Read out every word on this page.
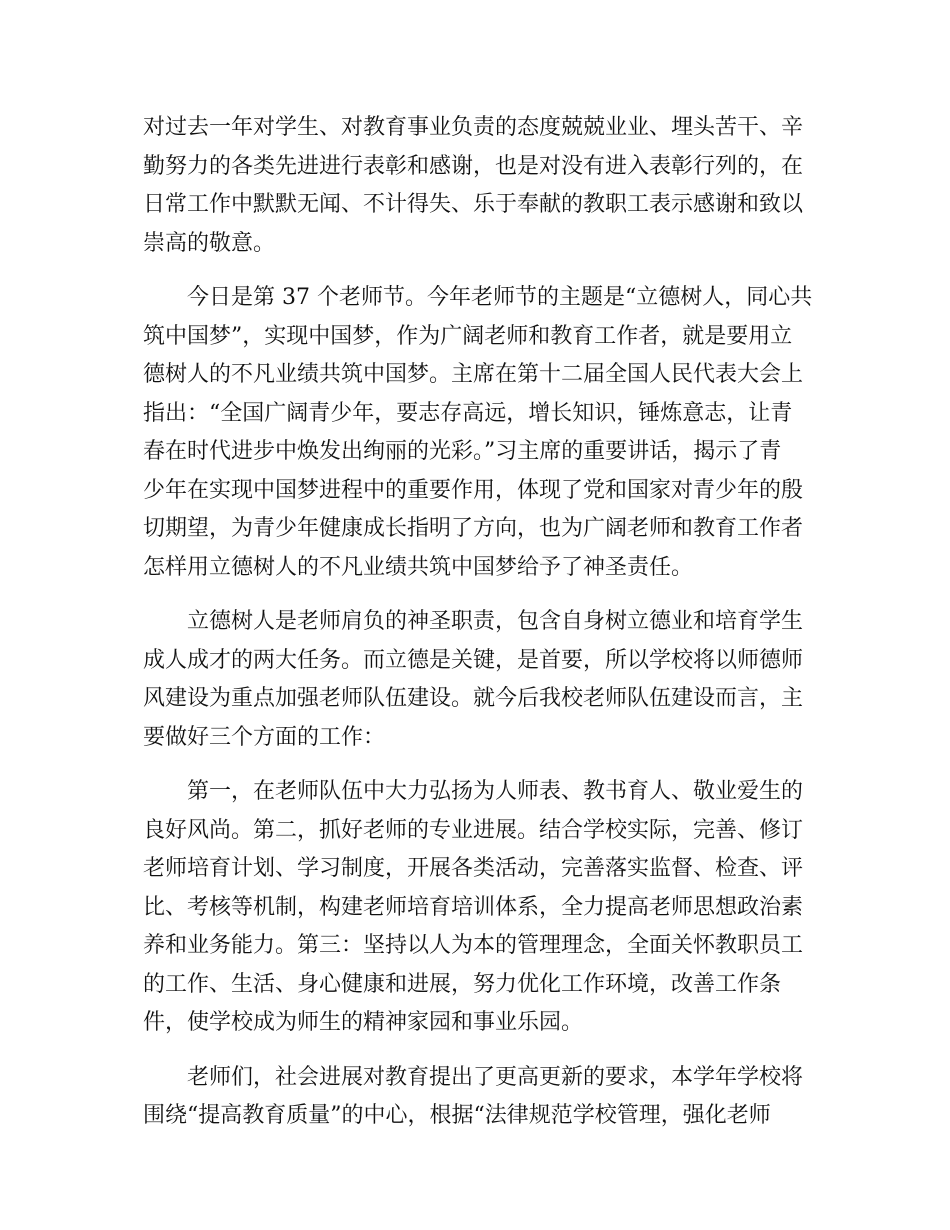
对过去一年对学生、对教育事业负责的态度兢兢业业、埋头苦干、辛
勤努力的各类先进进行表彰和感谢，也是对没有进入表彰行列的，在
日常工作中默默无闻、不计得失、乐于奉献的教职工表示感谢和致以
崇高的敬意。

今日是第 37 个老师节。今年老师节的主题是“立德树人，同心共
筑中国梦”，实现中国梦，作为广阔老师和教育工作者，就是要用立
德树人的不凡业绩共筑中国梦。主席在第十二届全国人民代表大会上
指出：“全国广阔青少年，要志存高远，增长知识，锤炼意志，让青
春在时代进步中焕发出绚丽的光彩。”习主席的重要讲话，揭示了青
少年在实现中国梦进程中的重要作用，体现了党和国家对青少年的殷
切期望，为青少年健康成长指明了方向，也为广阔老师和教育工作者
怎样用立德树人的不凡业绩共筑中国梦给予了神圣责任。

立德树人是老师肩负的神圣职责，包含自身树立德业和培育学生
成人成才的两大任务。而立德是关键，是首要，所以学校将以师德师
风建设为重点加强老师队伍建设。就今后我校老师队伍建设而言，主
要做好三个方面的工作：

第一，在老师队伍中大力弘扬为人师表、教书育人、敬业爱生的
良好风尚。第二，抓好老师的专业进展。结合学校实际，完善、修订
老师培育计划、学习制度，开展各类活动，完善落实监督、检查、评
比、考核等机制，构建老师培育培训体系，全力提高老师思想政治素
养和业务能力。第三：坚持以人为本的管理理念，全面关怀教职员工
的工作、生活、身心健康和进展，努力优化工作环境，改善工作条
件，使学校成为师生的精神家园和事业乐园。

老师们，社会进展对教育提出了更高更新的要求，本学年学校将
围绕“提高教育质量”的中心，根据“法律规范学校管理，强化老师
